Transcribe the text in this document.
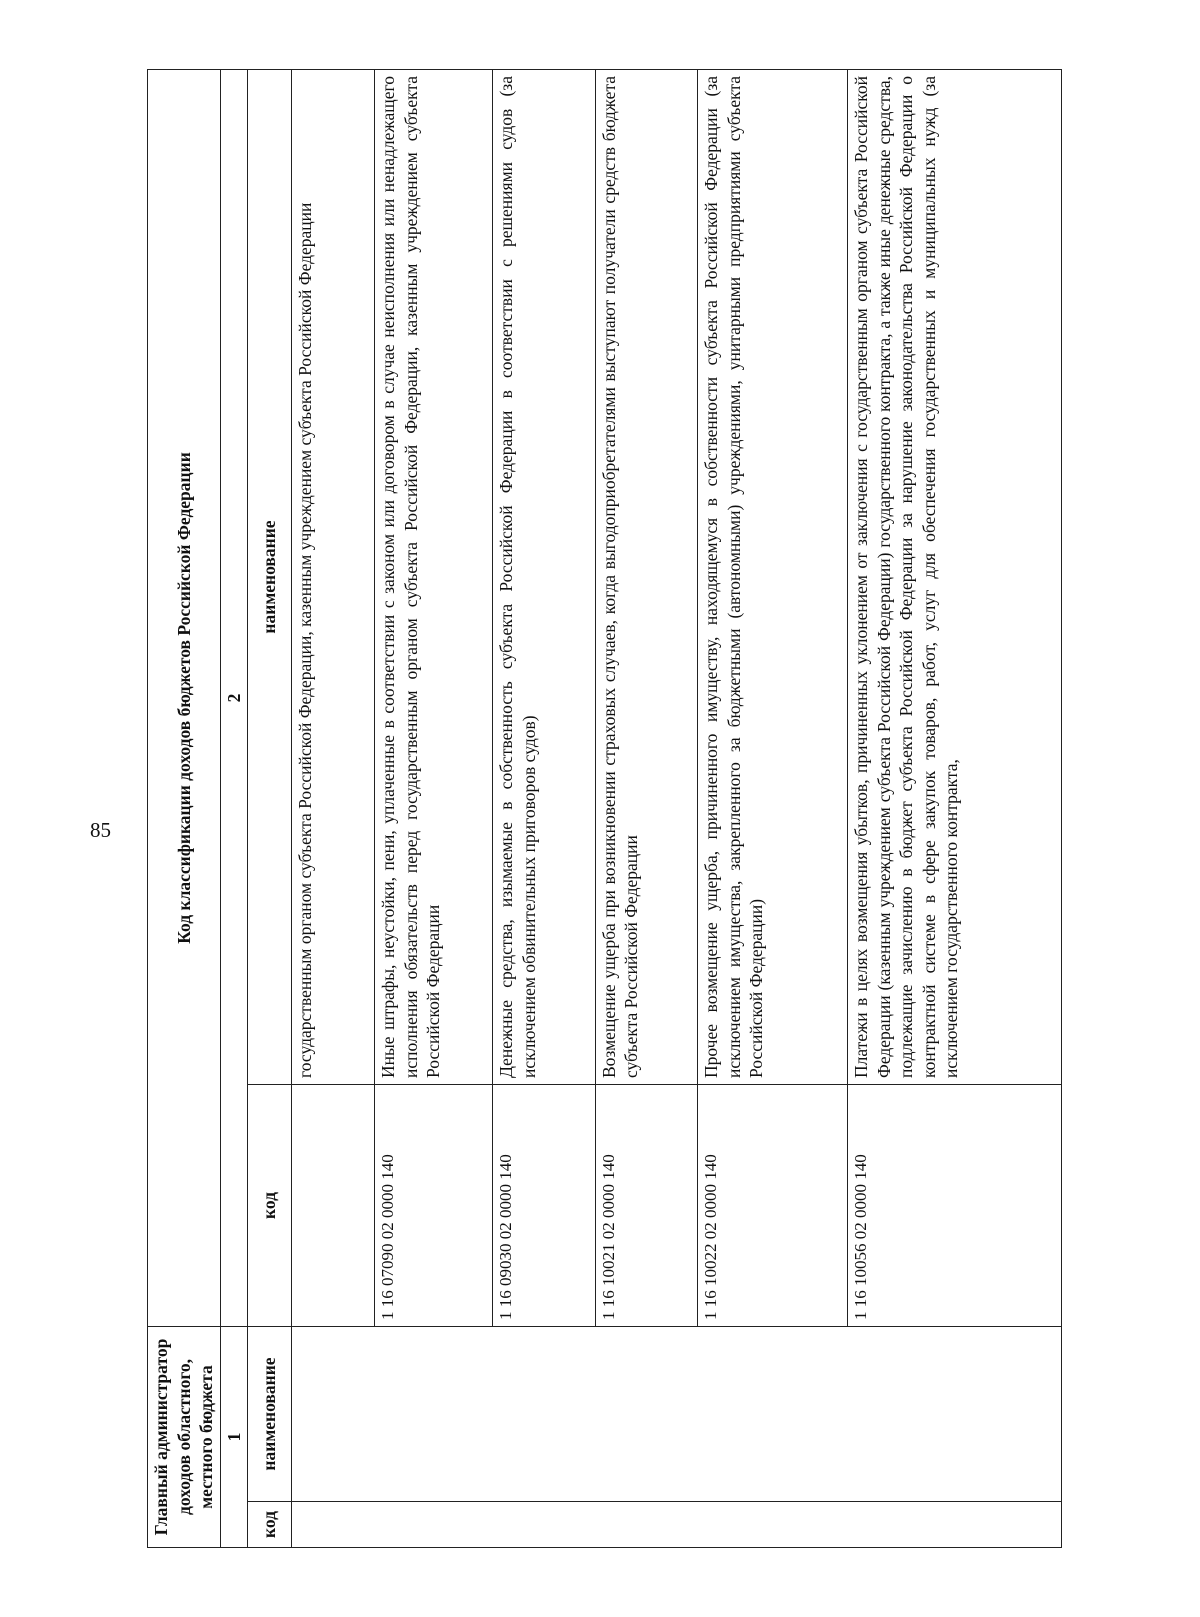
85
Главный администратор доходов областного, местного бюджета		Код классификации доходов бюджетов Российской Федерации	
1		2	
код	наименование	код	наименование
			государственным органом субъекта Российской Федерации, казенным учреждением субъекта Российской Федерации
		1 16 07090 02 0000 140	Иные штрафы, неустойки, пени, уплаченные в соответствии с законом или договором в случае неисполнения или ненадлежащего исполнения обязательств перед государственным органом субъекта Российской Федерации, казенным учреждением субъекта Российской Федерации
		1 16 09030 02 0000 140	Денежные средства, изымаемые в собственность субъекта Российской Федерации в соответствии с решениями судов (за исключением обвинительных приговоров судов)
		1 16 10021 02 0000 140	Возмещение ущерба при возникновении страховых случаев, когда выгодоприобретателями выступают получатели средств бюджета субъекта Российской Федерации
		1 16 10022 02 0000 140	Прочее возмещение ущерба, причиненного имуществу, находящемуся в собственности субъекта Российской Федерации (за исключением имущества, закрепленного за бюджетными (автономными) учреждениями, унитарными предприятиями субъекта Российской Федерации)
		1 16 10056 02 0000 140	Платежи в целях возмещения убытков, причиненных уклонением от заключения с государственным органом субъекта Российской Федерации (казенным учреждением субъекта Российской Федерации) государственного контракта, а также иные денежные средства, подлежащие зачислению в бюджет субъекта Российской Федерации за нарушение законодательства Российской Федерации о контрактной системе в сфере закупок товаров, работ, услуг для обеспечения государственных и муниципальных нужд (за исключением государственного контракта,
